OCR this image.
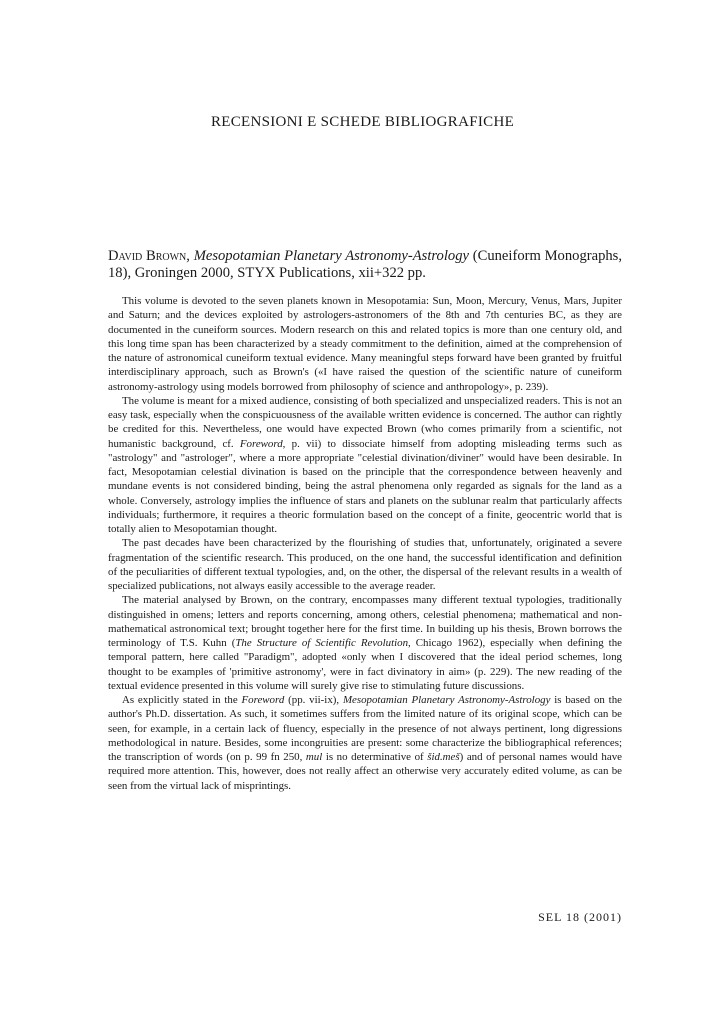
RECENSIONI E SCHEDE BIBLIOGRAFICHE
David Brown, Mesopotamian Planetary Astronomy-Astrology (Cuneiform Monographs, 18), Groningen 2000, STYX Publications, xii+322 pp.

This volume is devoted to the seven planets known in Mesopotamia: Sun, Moon, Mercury, Venus, Mars, Jupiter and Saturn; and the devices exploited by astrologers-astronomers of the 8th and 7th centuries BC, as they are documented in the cuneiform sources. Modern research on this and related topics is more than one century old, and this long time span has been characterized by a steady commitment to the definition, aimed at the comprehension of the nature of astronomical cuneiform textual evidence. Many meaningful steps forward have been granted by fruitful interdisciplinary approach, such as Brown's («I have raised the question of the scientific nature of cuneiform astronomy-astrology using models borrowed from philosophy of science and anthropology», p. 239).

The volume is meant for a mixed audience, consisting of both specialized and unspecialized readers. This is not an easy task, especially when the conspicuousness of the available written evidence is concerned. The author can rightly be credited for this. Nevertheless, one would have expected Brown (who comes primarily from a scientific, not humanistic background, cf. Foreword, p. vii) to dissociate himself from adopting misleading terms such as "astrology" and "astrologer", where a more appropriate "celestial divination/diviner" would have been desirable. In fact, Mesopotamian celestial divination is based on the principle that the correspondence between heavenly and mundane events is not considered binding, being the astral phenomena only regarded as signals for the land as a whole. Conversely, astrology implies the influence of stars and planets on the sublunar realm that particularly affects individuals; furthermore, it requires a theoric formulation based on the concept of a finite, geocentric world that is totally alien to Mesopotamian thought.

The past decades have been characterized by the flourishing of studies that, unfortunately, originated a severe fragmentation of the scientific research. This produced, on the one hand, the successful identification and definition of the peculiarities of different textual typologies, and, on the other, the dispersal of the relevant results in a wealth of specialized publications, not always easily accessible to the average reader.

The material analysed by Brown, on the contrary, encompasses many different textual typologies, traditionally distinguished in omens; letters and reports concerning, among others, celestial phenomena; mathematical and non-mathematical astronomical text; brought together here for the first time. In building up his thesis, Brown borrows the terminology of T.S. Kuhn (The Structure of Scientific Revolution, Chicago 1962), especially when defining the temporal pattern, here called "Paradigm", adopted «only when I discovered that the ideal period schemes, long thought to be examples of 'primitive astronomy', were in fact divinatory in aim» (p. 229). The new reading of the textual evidence presented in this volume will surely give rise to stimulating future discussions.

As explicitly stated in the Foreword (pp. vii-ix), Mesopotamian Planetary Astronomy-Astrology is based on the author's Ph.D. dissertation. As such, it sometimes suffers from the limited nature of its original scope, which can be seen, for example, in a certain lack of fluency, especially in the presence of not always pertinent, long digressions methodological in nature. Besides, some incongruities are present: some characterize the bibliographical references; the transcription of words (on p. 99 fn 250, mul is no determinative of šid.meš) and of personal names would have required more attention. This, however, does not really affect an otherwise very accurately edited volume, as can be seen from the virtual lack of misprintings.

SEL 18 (2001)
